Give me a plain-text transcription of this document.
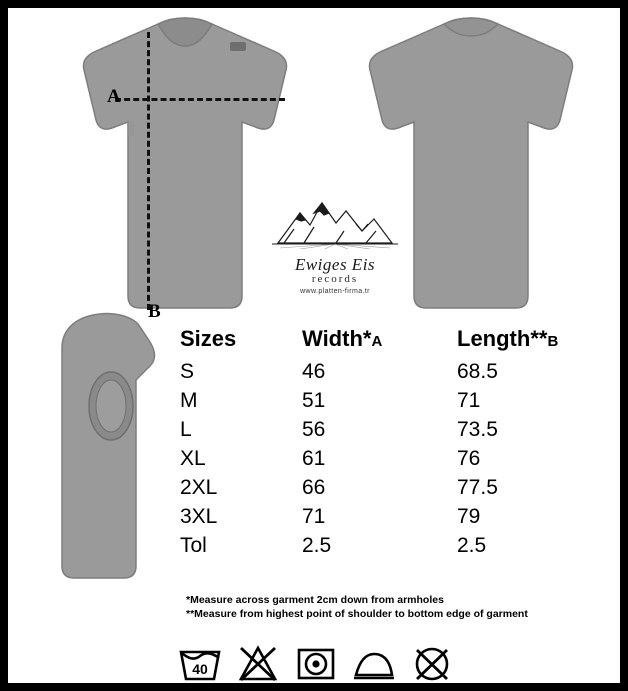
A
B
Ewiges Eis
records
www.platten-firma.tr
Sizes	Width*A	Length**B
S	46	68.5
M	51	71
L	56	73.5
XL	61	76
2XL	66	77.5
3XL	71	79
Tol	2.5	2.5
*Measure across garment 2cm down from armholes
**Measure from highest point of shoulder to bottom edge of garment
40
